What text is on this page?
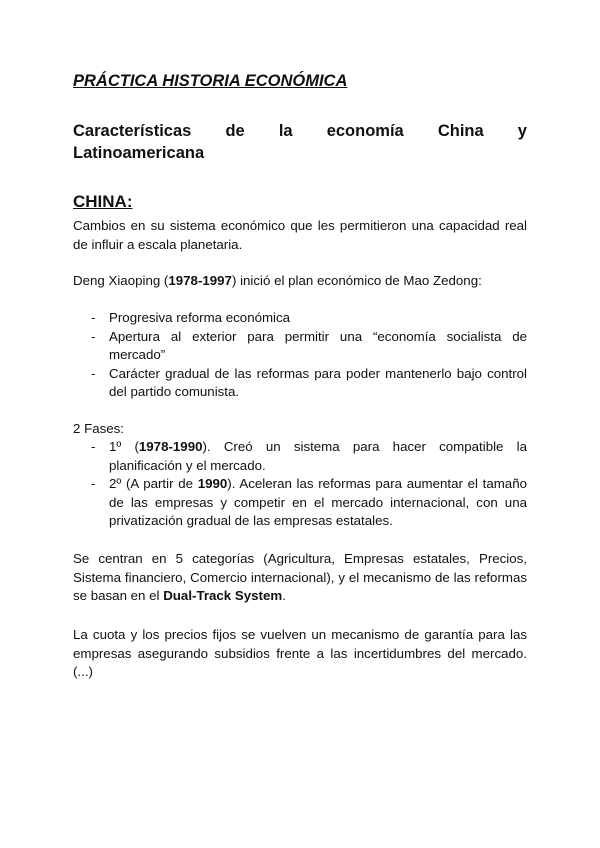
PRÁCTICA HISTORIA ECONÓMICA
Características de la economía China y
Latinoamericana
CHINA:

Cambios en su sistema económico que les permitieron una capacidad real de influir a escala planetaria.

Deng Xiaoping (1978-1997) inició el plan económico de Mao Zedong:

- Progresiva reforma económica
- Apertura al exterior para permitir una “economía socialista de mercado”
- Carácter gradual de las reformas para poder mantenerlo bajo control del partido comunista.

2 Fases:

- 1º (1978-1990). Creó un sistema para hacer compatible la planificación y el mercado.
- 2º (A partir de 1990). Aceleran las reformas para aumentar el tamaño de las empresas y competir en el mercado internacional, con una privatización gradual de las empresas estatales.

Se centran en 5 categorías (Agricultura, Empresas estatales, Precios, Sistema financiero, Comercio internacional), y el mecanismo de las reformas se basan en el Dual-Track System.

La cuota y los precios fijos se vuelven un mecanismo de garantía para las empresas asegurando subsidios frente a las incertidumbres del mercado. (...)
